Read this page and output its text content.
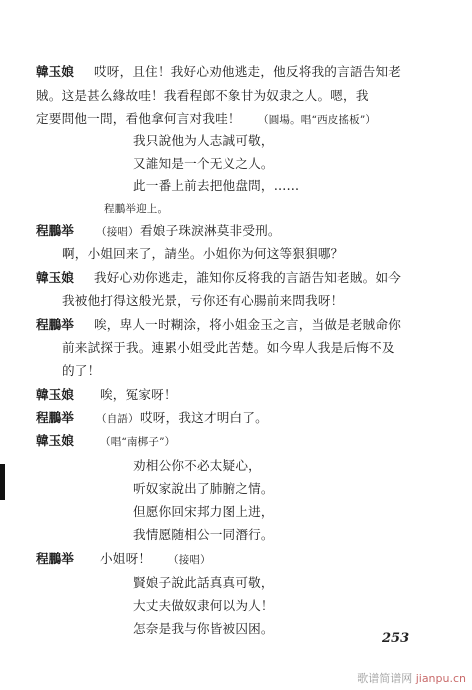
韓玉娘 哎呀，且住！我好心劝他逃走，他反将我的言語告知老
賊。这是甚么緣故哇！我看程郎不象甘为奴隶之人。嗯，我
定要問他一問，看他拿何言对我哇！ （圓場。唱“西皮搖板”）
我只說他为人志誠可敬，
又誰知是一个无义之人。
此一番上前去把他盘問，……
程鵬举迎上。
程鵬举 （接唱） 看娘子珠淚淋莫非受刑。
啊，小姐回来了，請坐。小姐你为何这等狠狽哪？
韓玉娘 我好心劝你逃走，誰知你反将我的言語告知老賊。如今
我被他打得这般光景，亏你还有心腸前来問我呀！
程鵬举 唉，卑人一时糊涂，将小姐金玉之言，当做是老賊命你
前来試探于我。連累小姐受此苦楚。如今卑人我是后悔不及
的了！
韓玉娘 唉，冤家呀！
程鵬举 （自語） 哎呀，我这才明白了。
韓玉娘 （唱“南梆子”）
劝相公你不必太疑心，
听奴家說出了肺腑之情。
但愿你回宋邦力图上进，
我情愿随相公一同潛行。
程鵬举 小姐呀！ （接唱）
賢娘子說此話真真可敬，
大丈夫做奴隶何以为人！
怎奈是我与你皆被囚困。
253
歌谱简谱网 jianpu.cn
